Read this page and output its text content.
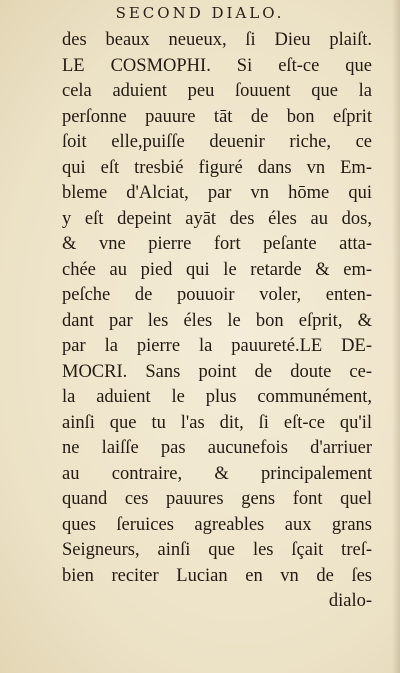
SECOND DIALO.
des beaux neueux, ſi Dieu plaiſt.
LE COSMOPHI. Si eſt-ce que
cela aduient peu ſouuent que la
perſonne pauure tāt de bon eſprit
ſoit elle,puiſſe deuenir riche, ce
qui eſt tresbié figuré dans vn Em-
bleme d'Alciat, par vn hōme qui
y eſt depeint ayāt des éles au dos,
& vne pierre fort peſante atta-
chée au pied qui le retarde & em-
peſche de pouuoir voler, enten-
dant par les éles le bon eſprit, &
par la pierre la pauureté.LE DE-
MOCRI. Sans point de doute ce-
la aduient le plus communément,
ainſi que tu l'as dit, ſi eſt-ce qu'il
ne laiſſe pas aucunefois d'arriuer
au contraire, & principalement
quand ces pauures gens font quel
ques ſeruices agreables aux grans
Seigneurs, ainſi que les ſçait treſ-
bien reciter Lucian en vn de ſes
dialo-
